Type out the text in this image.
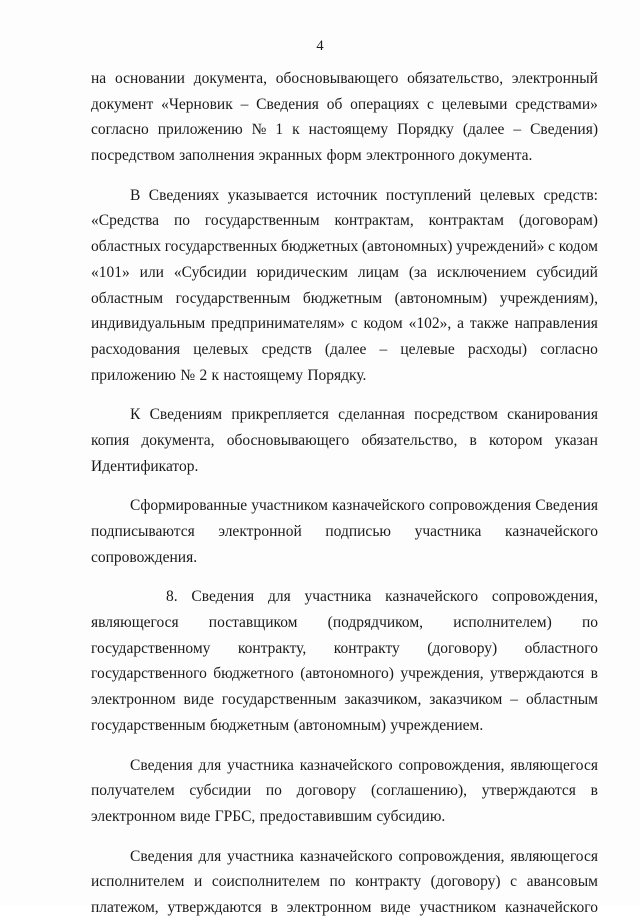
4
на основании документа, обосновывающего обязательство, электронный
документ «Черновик – Сведения об операциях с целевыми средствами»
согласно приложению № 1 к настоящему Порядку (далее – Сведения)
посредством заполнения экранных форм электронного документа.
В Сведениях указывается источник поступлений целевых средств:
«Средства по государственным контрактам, контрактам (договорам)
областных государственных бюджетных (автономных) учреждений» с кодом
«101» или «Субсидии юридическим лицам (за исключением субсидий
областным государственным бюджетным (автономным) учреждениям),
индивидуальным предпринимателям» с кодом «102», а также направления
расходования целевых средств (далее – целевые расходы) согласно
приложению № 2 к настоящему Порядку.
К Сведениям прикрепляется сделанная посредством сканирования
копия документа, обосновывающего обязательство, в котором указан
Идентификатор.
Сформированные участником казначейского сопровождения Сведения
подписываются электронной подписью участника казначейского
сопровождения.
8. Сведения для участника казначейского сопровождения,
являющегося поставщиком (подрядчиком, исполнителем) по
государственному контракту, контракту (договору) областного
государственного бюджетного (автономного) учреждения, утверждаются в
электронном виде государственным заказчиком, заказчиком – областным
государственным бюджетным (автономным) учреждением.
Сведения для участника казначейского сопровождения, являющегося
получателем субсидии по договору (соглашению), утверждаются в
электронном виде ГРБС, предоставившим субсидию.
Сведения для участника казначейского сопровождения, являющегося
исполнителем и соисполнителем по контракту (договору) с авансовым
платежом, утверждаются в электронном виде участником казначейского
